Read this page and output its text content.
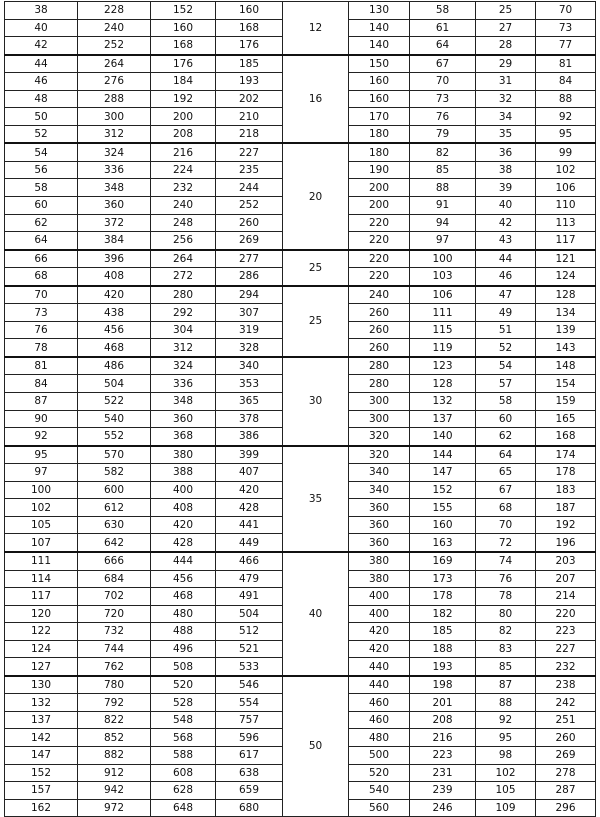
38	228	152	160	12	130	58	25	70
40	240	160	168		140	61	27	73
42	252	168	176		140	64	28	77
44	264	176	185	16	150	67	29	81
46	276	184	193		160	70	31	84
48	288	192	202		160	73	32	88
50	300	200	210		170	76	34	92
52	312	208	218		180	79	35	95
54	324	216	227	20	180	82	36	99
56	336	224	235		190	85	38	102
58	348	232	244		200	88	39	106
60	360	240	252		200	91	40	110
62	372	248	260		220	94	42	113
64	384	256	269		220	97	43	117
66	396	264	277	25	220	100	44	121
68	408	272	286		220	103	46	124
70	420	280	294	25	240	106	47	128
73	438	292	307		260	111	49	134
76	456	304	319		260	115	51	139
78	468	312	328		260	119	52	143
81	486	324	340	30	280	123	54	148
84	504	336	353		280	128	57	154
87	522	348	365		300	132	58	159
90	540	360	378		300	137	60	165
92	552	368	386		320	140	62	168
95	570	380	399	35	320	144	64	174
97	582	388	407		340	147	65	178
100	600	400	420		340	152	67	183
102	612	408	428		360	155	68	187
105	630	420	441		360	160	70	192
107	642	428	449		360	163	72	196
111	666	444	466	40	380	169	74	203
114	684	456	479		380	173	76	207
117	702	468	491		400	178	78	214
120	720	480	504		400	182	80	220
122	732	488	512		420	185	82	223
124	744	496	521		420	188	83	227
127	762	508	533		440	193	85	232
130	780	520	546	50	440	198	87	238
132	792	528	554		460	201	88	242
137	822	548	757		460	208	92	251
142	852	568	596		480	216	95	260
147	882	588	617		500	223	98	269
152	912	608	638		520	231	102	278
157	942	628	659		540	239	105	287
162	972	648	680		560	246	109	296
